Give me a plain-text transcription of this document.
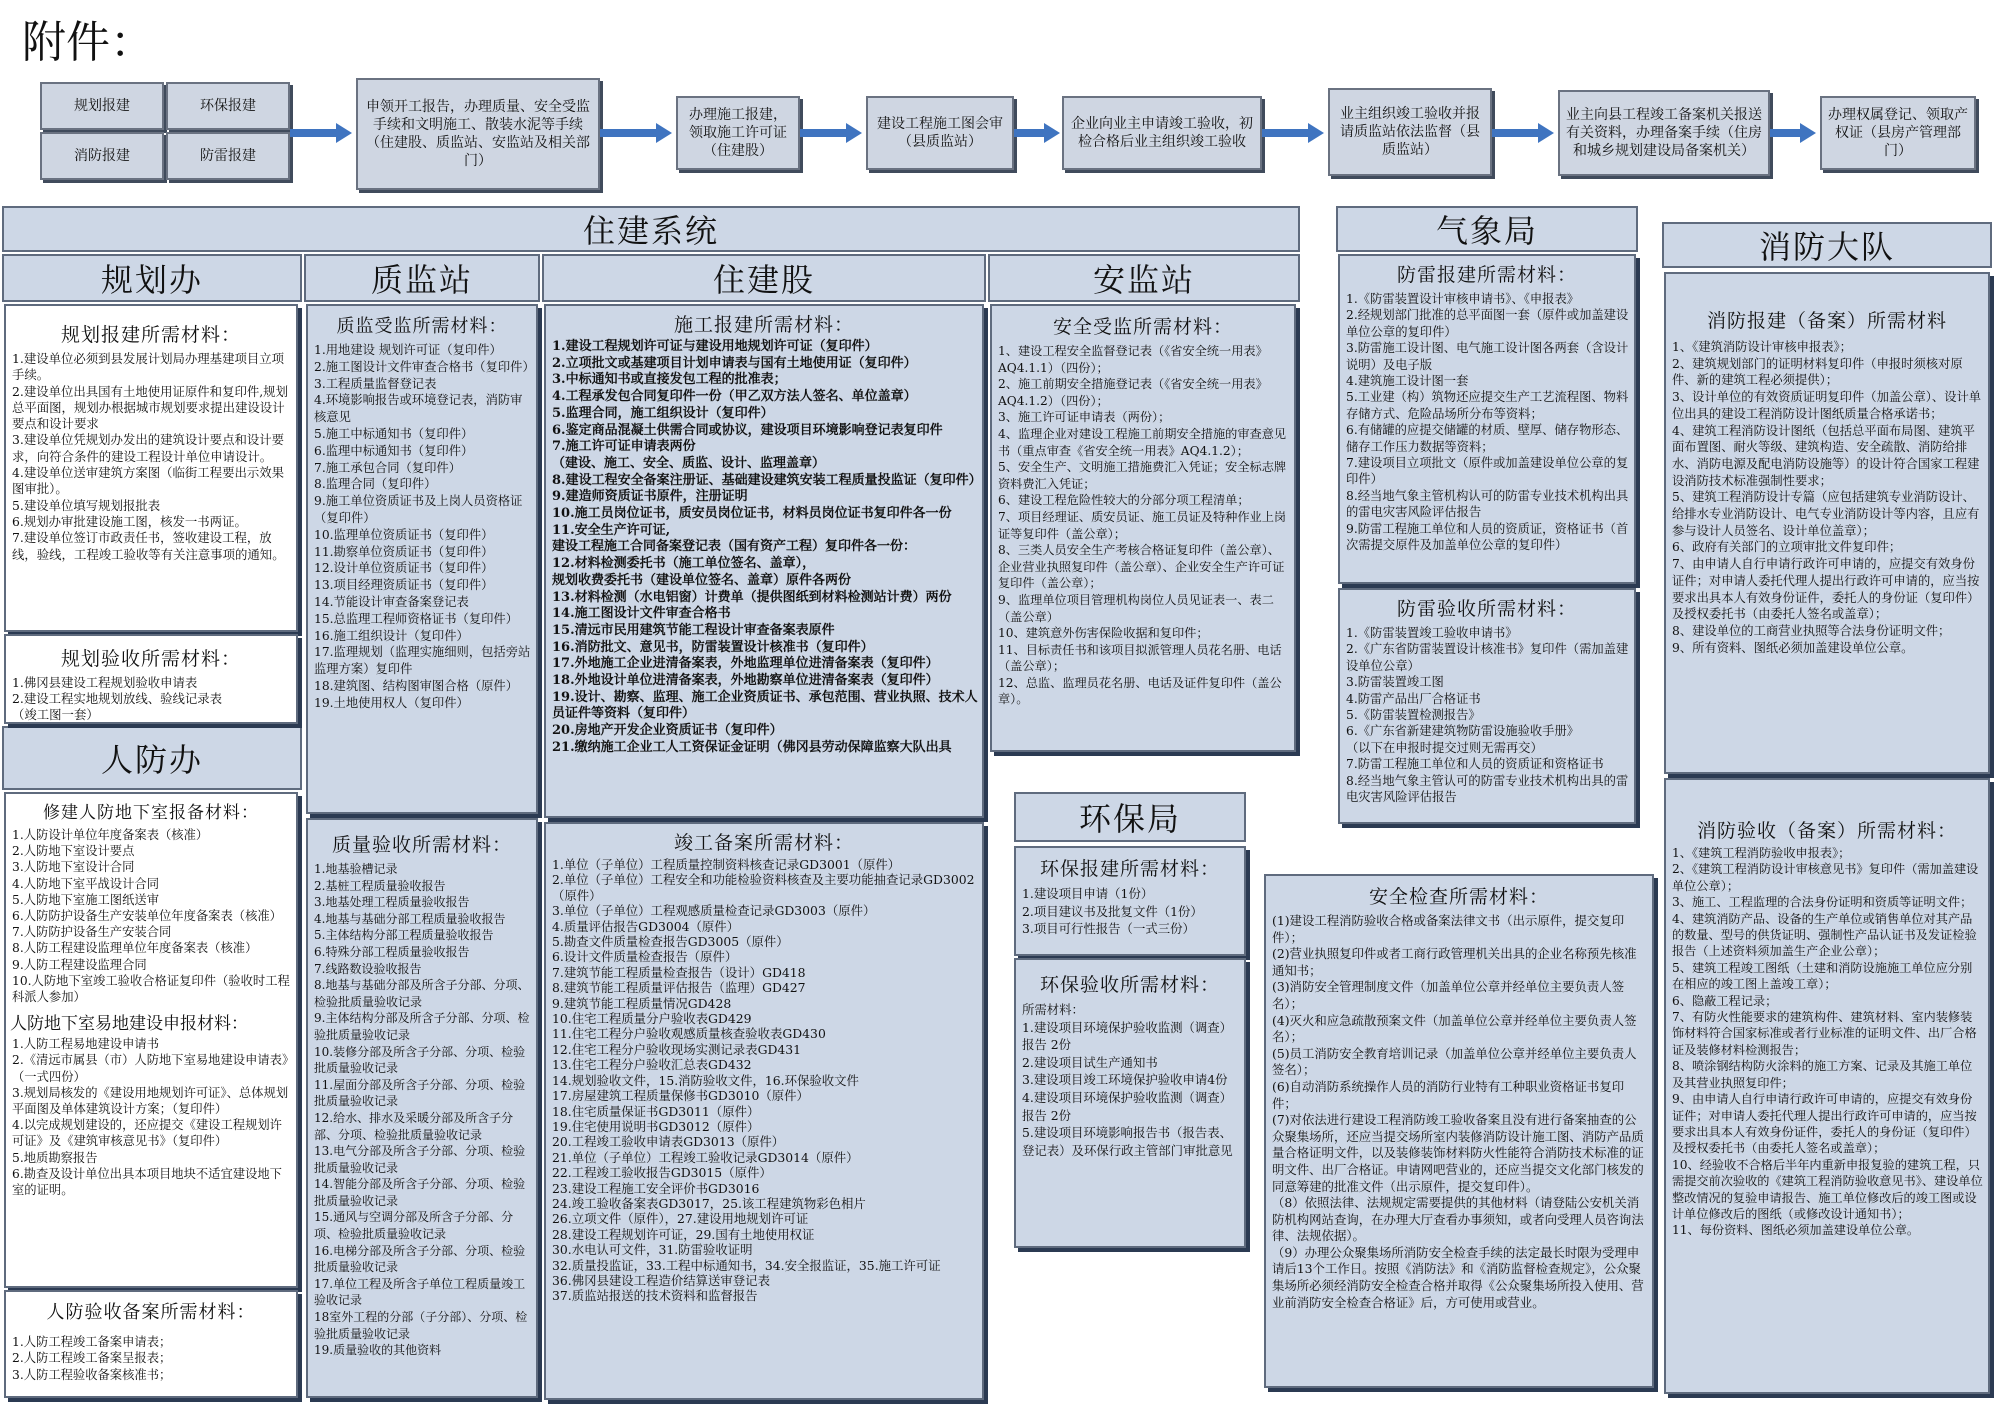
附件：
规划报建	环保报建
消防报建	防雷报建
申领开工报告，办理质量、安全受监手续和文明施工、散装水泥等手续（住建股、质监站、安监站及相关部门）
办理施工报建，领取施工许可证（住建股）
建设工程施工图会审（县质监站）
企业向业主申请竣工验收，初检合格后业主组织竣工验收
业主组织竣工验收并报请质监站依法监督（县质监站）
业主向县工程竣工备案机关报送有关资料，办理备案手续（住房和城乡规划建设局备案机关）
办理权属登记、领取产权证（县房产管理部门）
住建系统
规划办	质监站	住建股	安监站
气象局	消防大队
人防办
环保局
规划报建所需材料：
1.建设单位必须到县发展计划局办理基建项目立项手续。
2.建设单位出具国有土地使用证原件和复印件,规划总平面图，规划办根据城市规划要求提出建设设计要点和设计要求
3.建设单位凭规划办发出的建筑设计要点和设计要求，向符合条件的建设工程设计单位申请设计。
4.建设单位送审建筑方案图（临街工程要出示效果图审批）。
5.建设单位填写规划报批表
6.规划办审批建设施工图，核发一书两证。
7.建设单位签订市政责任书，签收建设工程，放线，验线，工程竣工验收等有关注意事项的通知。
规划验收所需材料：
1.佛冈县建设工程规划验收申请表
2.建设工程实地规划放线、验线记录表
（竣工图一套）
修建人防地下室报备材料：
1.人防设计单位年度备案表（核准）
2.人防地下室设计要点
3.人防地下室设计合同
4.人防地下室平战设计合同
5.人防地下室施工图纸送审
6.人防防护设备生产安装单位年度备案表（核准）
7.人防防护设备生产安装合同
8.人防工程建设监理单位年度备案表（核准）
9.人防工程建设监理合同
10.人防地下室竣工验收合格证复印件（验收时工程科派人参加）
人防地下室易地建设申报材料：
1.人防工程易地建设申请书
2.《清远市属县（市）人防地下室易地建设申请表》（一式四份）
3.规划局核发的《建设用地规划许可证》、总体规划平面图及单体建筑设计方案；（复印件）
4.以完成规划建设的，还应提交《建设工程规划许可证》及《建筑审核意见书》（复印件）
5.地质勘察报告
6.勘查及设计单位出具本项目地块不适宜建设地下室的证明。
人防验收备案所需材料：
1.人防工程竣工备案申请表；
2.人防工程竣工备案呈报表；
3.人防工程验收备案核准书；
质监受监所需材料：
1.用地建设 规划许可证（复印件）
2.施工图设计文件审查合格书（复印件）
3.工程质量监督登记表
4.环境影响报告或环境登记表，消防审核意见
5.施工中标通知书（复印件）
6.监理中标通知书（复印件）
7.施工承包合同（复印件）
8.监理合同（复印件）
9.施工单位资质证书及上岗人员资格证（复印件）
10.监理单位资质证书（复印件）
11.勘察单位资质证书（复印件）
12.设计单位资质证书（复印件）
13.项目经理资质证书（复印件）
14.节能设计审查备案登记表
15.总监理工程师资格证书（复印件）
16.施工组织设计（复印件）
17.监理规划（监理实施细则，包括旁站监理方案）复印件
18.建筑图、结构图审图合格（原件）
19.土地使用权人（复印件）
质量验收所需材料：
1.地基验槽记录
2.基桩工程质量验收报告
3.地基处理工程质量验收报告
4.地基与基础分部工程质量验收报告
5.主体结构分部工程质量验收报告
6.特殊分部工程质量验收报告
7.线路数设验收报告
8.地基与基础分部及所含子分部、分项、检验批质量验收记录
9.主体结构分部及所含子分部、分项、检验批质量验收记录
10.装修分部及所含子分部、分项、检验批质量验收记录
11.屋面分部及所含子分部、分项、检验批质量验收记录
12.给水、排水及采暖分部及所含子分部、分项、检验批质量验收记录
13.电气分部及所含子分部、分项、检验批质量验收记录
14.智能分部及所含子分部、分项、检验批质量验收记录
15.通风与空调分部及所含子分部、分项、检验批质量验收记录
16.电梯分部及所含子分部、分项、检验批质量验收记录
17.单位工程及所含子单位工程质量竣工验收记录
18室外工程的分部（子分部）、分项、检验批质量验收记录
19.质量验收的其他资料
施工报建所需材料：
1.建设工程规划许可证与建设用地规划许可证（复印件）
2.立项批文或基建项目计划申请表与国有土地使用证（复印件）
3.中标通知书或直接发包工程的批准表；
4.工程承发包合同复印件一份（甲乙双方法人签名、单位盖章）
5.监理合同，施工组织设计（复印件）
6.鉴定商品混凝土供需合同或协议，建设项目环境影响登记表复印件
7.施工许可证申请表两份
（建设、施工、安全、质监、设计、监理盖章）
8.建设工程安全备案注册证、基础建设建筑安装工程质量投监证（复印件）
9.建造师资质证书原件，注册证明
10.施工员岗位证书，质安员岗位证书，材料员岗位证书复印件各一份
11.安全生产许可证,
建设工程施工合同备案登记表（国有资产工程）复印件各一份：
12.材料检测委托书（施工单位签名、盖章），
规划收费委托书（建设单位签名、盖章）原件各两份
13.材料检测（水电铝窗）计费单（提供图纸到材料检测站计费）两份
14.施工图设计文件审查合格书
15.清远市民用建筑节能工程设计审查备案表原件
16.消防批文、意见书，防雷装置设计核准书（复印件）
17.外地施工企业进清备案表，外地监理单位进清备案表（复印件）
18.外地设计单位进清备案表，外地勘察单位进清备案表（复印件）
19.设计、勘察、监理、施工企业资质证书、承包范围、营业执照、技术人员证件等资料（复印件）
20.房地产开发企业资质证书（复印件）
21.缴纳施工企业工人工资保证金证明（佛冈县劳动保障监察大队出具
竣工备案所需材料：
1.单位（子单位）工程质量控制资料核查记录GD3001（原件）
2.单位（子单位）工程安全和功能检验资料核查及主要功能抽查记录GD3002（原件）
3.单位（子单位）工程观感质量检查记录GD3003（原件）
4.质量评估报告GD3004（原件）
5.勘查文件质量检查报告GD3005（原件）
6.设计文件质量检查报告（原件）
7.建筑节能工程质量检查报告（设计）GD418
8.建筑节能工程质量评估报告（监理）GD427
9.建筑节能工程质量情况GD428
10.住宅工程质量分户验收表GD429
11.住宅工程分户验收观感质量核查验收表GD430
12.住宅工程分户验收现场实测记录表GD431
13.住宅工程分户验收汇总表GD432
14.规划验收文件，15.消防验收文件，16.环保验收文件
17.房屋建筑工程质量保修书GD3010（原件）
18.住宅质量保证书GD3011（原件）
19.住宅使用说明书GD3012（原件）
20.工程竣工验收申请表GD3013（原件）
21.单位（子单位）工程竣工验收记录GD3014（原件）
22.工程竣工验收报告GD3015（原件）
23.建设工程施工安全评价书GD3016
24.竣工验收备案表GD3017，25.该工程建筑物彩色相片
26.立项文件（原件），27.建设用地规划许可证
28.建设工程规划许可证，29.国有土地使用权证
30.水电认可文件，31.防雷验收证明
32.质量投监证，33.工程中标通知书，34.安全报监证，35.施工许可证
36.佛冈县建设工程造价结算送审登记表
37.质监站报送的技术资料和监督报告
安全受监所需材料：
1、建设工程安全监督登记表（《省安全统一用表》AQ4.1.1）（四份）；
2、施工前期安全措施登记表（《省安全统一用表》AQ4.1.2）（四份）；
3、施工许可证申请表（两份）；
4、监理企业对建设工程施工前期安全措施的审查意见书（重点审查《省安全统一用表》AQ4.1.2）；
5、安全生产、文明施工措施费汇入凭证；安全标志牌资料费汇入凭证；
6、建设工程危险性较大的分部分项工程清单；
7、项目经理证、质安员证、施工员证及特种作业上岗证等复印件（盖公章）；
8、三类人员安全生产考核合格证复印件（盖公章）、企业营业执照复印件（盖公章）、企业安全生产许可证复印件（盖公章）；
9、监理单位项目管理机构岗位人员见证表一、表二（盖公章）
10、建筑意外伤害保险收据和复印件；
11、目标责任书和该项目拟派管理人员花名册、电话（盖公章）；
12、总监、监理员花名册、电话及证件复印件（盖公章）。
防雷报建所需材料：
1.《防雷装置设计审核申请书》、《申报表》
2.经规划部门批准的总平面图一套（原件或加盖建设单位公章的复印件）
3.防雷施工设计图、电气施工设计图各两套（含设计说明）及电子版
4.建筑施工设计图一套
5.工业建（构）筑物还应提交生产工艺流程图、物料存储方式、危险品场所分布等资料；
6.有储罐的应提交储罐的材质、壁厚、储存物形态、储存工作压力数据等资料；
7.建设项目立项批文（原件或加盖建设单位公章的复印件）
8.经当地气象主管机构认可的防雷专业技术机构出具的雷电灾害风险评估报告
9.防雷工程施工单位和人员的资质证，资格证书（首次需提交原件及加盖单位公章的复印件）
防雷验收所需材料：
1.《防雷装置竣工验收申请书》
2.《广东省防雷装置设计核准书》复印件（需加盖建设单位公章）
3.防雷装置竣工图
4.防雷产品出厂合格证书
5.《防雷装置检测报告》
6.《广东省新建建筑物防雷设施验收手册》
（以下在申报时提交过则无需再交）
7.防雷工程施工单位和人员的资质证和资格证书
8.经当地气象主管认可的防雷专业技术机构出具的雷电灾害风险评估报告
环保报建所需材料：
1.建设项目申请（1份）
2.项目建议书及批复文件（1份）
3.项目可行性报告（一式三份）
环保验收所需材料：
所需材料：
1.建设项目环境保护验收监测（调查）报告 2份
2.建设项目试生产通知书
3.建设项目竣工环境保护验收申请4份
4.建设项目环境保护验收监测（调查）报告 2份
5.建设项目环境影响报告书（报告表、登记表）及环保行政主管部门审批意见
安全检查所需材料：
(1)建设工程消防验收合格或备案法律文书（出示原件，提交复印件）；
(2)营业执照复印件或者工商行政管理机关出具的企业名称预先核准通知书；
(3)消防安全管理制度文件（加盖单位公章并经单位主要负责人签名）；
(4)灭火和应急疏散预案文件（加盖单位公章并经单位主要负责人签名）；
(5)员工消防安全教育培训记录（加盖单位公章并经单位主要负责人签名）；
(6)自动消防系统操作人员的消防行业特有工种职业资格证书复印件；
(7)对依法进行建设工程消防竣工验收备案且没有进行备案抽查的公众聚集场所，还应当提交场所室内装修消防设计施工图、消防产品质量合格证明文件，以及装修装饰材料防火性能符合消防技术标准的证明文件、出厂合格证。申请网吧营业的，还应当提交文化部门核发的同意筹建的批准文件（出示原件，提交复印件）。
（8）依照法律、法规规定需要提供的其他材料（请登陆公安机关消防机构网站查询，在办理大厅查看办事须知，或者向受理人员咨询法律、法规依据）。
（9）办理公众聚集场所消防安全检查手续的法定最长时限为受理申请后13个工作日。按照《消防法》和《消防监督检查规定》，公众聚集场所必须经消防安全检查合格并取得《公众聚集场所投入使用、营业前消防安全检查合格证》后，方可使用或营业。
消防报建（备案）所需材料
1、《建筑消防设计审核申报表》；
2、建筑规划部门的证明材料复印件（申报时须核对原件、新的建筑工程必须提供）；
3、设计单位的有效资质证明复印件（加盖公章）、设计单位出具的建设工程消防设计图纸质量合格承诺书；
4、建筑工程消防设计图纸（包括总平面布局图、建筑平面布置图、耐火等级、建筑构造、安全疏散、消防给排水、消防电源及配电消防设施等）的设计符合国家工程建设消防技术标准强制性要求；
5、建筑工程消防设计专篇（应包括建筑专业消防设计、给排水专业消防设计、电气专业消防设计等内容，且应有参与设计人员签名、设计单位盖章）；
6、政府有关部门的立项审批文件复印件；
7、由申请人自行申请行政许可申请的，应提交有效身份证件；对申请人委托代理人提出行政许可申请的，应当按要求出具本人有效身份证件，委托人的身份证（复印件）及授权委托书（由委托人签名或盖章）；
8、建设单位的工商营业执照等合法身份证明文件；
9、所有资料、图纸必须加盖建设单位公章。
消防验收（备案）所需材料：
1、《建筑工程消防验收申报表》；
2、《建筑工程消防设计审核意见书》复印件（需加盖建设单位公章）；
3、施工、工程监理的合法身份证明和资质等证明文件；
4、建筑消防产品、设备的生产单位或销售单位对其产品的数量、型号的供货证明、强制性产品认证书及发证检验报告（上述资料须加盖生产企业公章）；
5、建筑工程竣工图纸（土建和消防设施施工单位应分别在相应的竣工图上盖竣工章）；
6、隐蔽工程记录；
7、有防火性能要求的建筑构件、建筑材料、室内装修装饰材料符合国家标准或者行业标准的证明文件、出厂合格证及装修材料检测报告；
8、喷涂钢结构防火涂料的施工方案、记录及其施工单位及其营业执照复印件；
9、由申请人自行申请行政许可申请的，应提交有效身份证件；对申请人委托代理人提出行政许可申请的，应当按要求出具本人有效身份证件，委托人的身份证（复印件）及授权委托书（由委托人签名或盖章）；
10、经验收不合格后半年内重新申报复验的建筑工程，只需提交前次验收的《建筑工程消防验收意见书》、建设单位整改情况的复验申请报告、施工单位修改后的竣工图或设计单位修改后的图纸（或修改设计通知书）；
11、每份资料、图纸必须加盖建设单位公章。
